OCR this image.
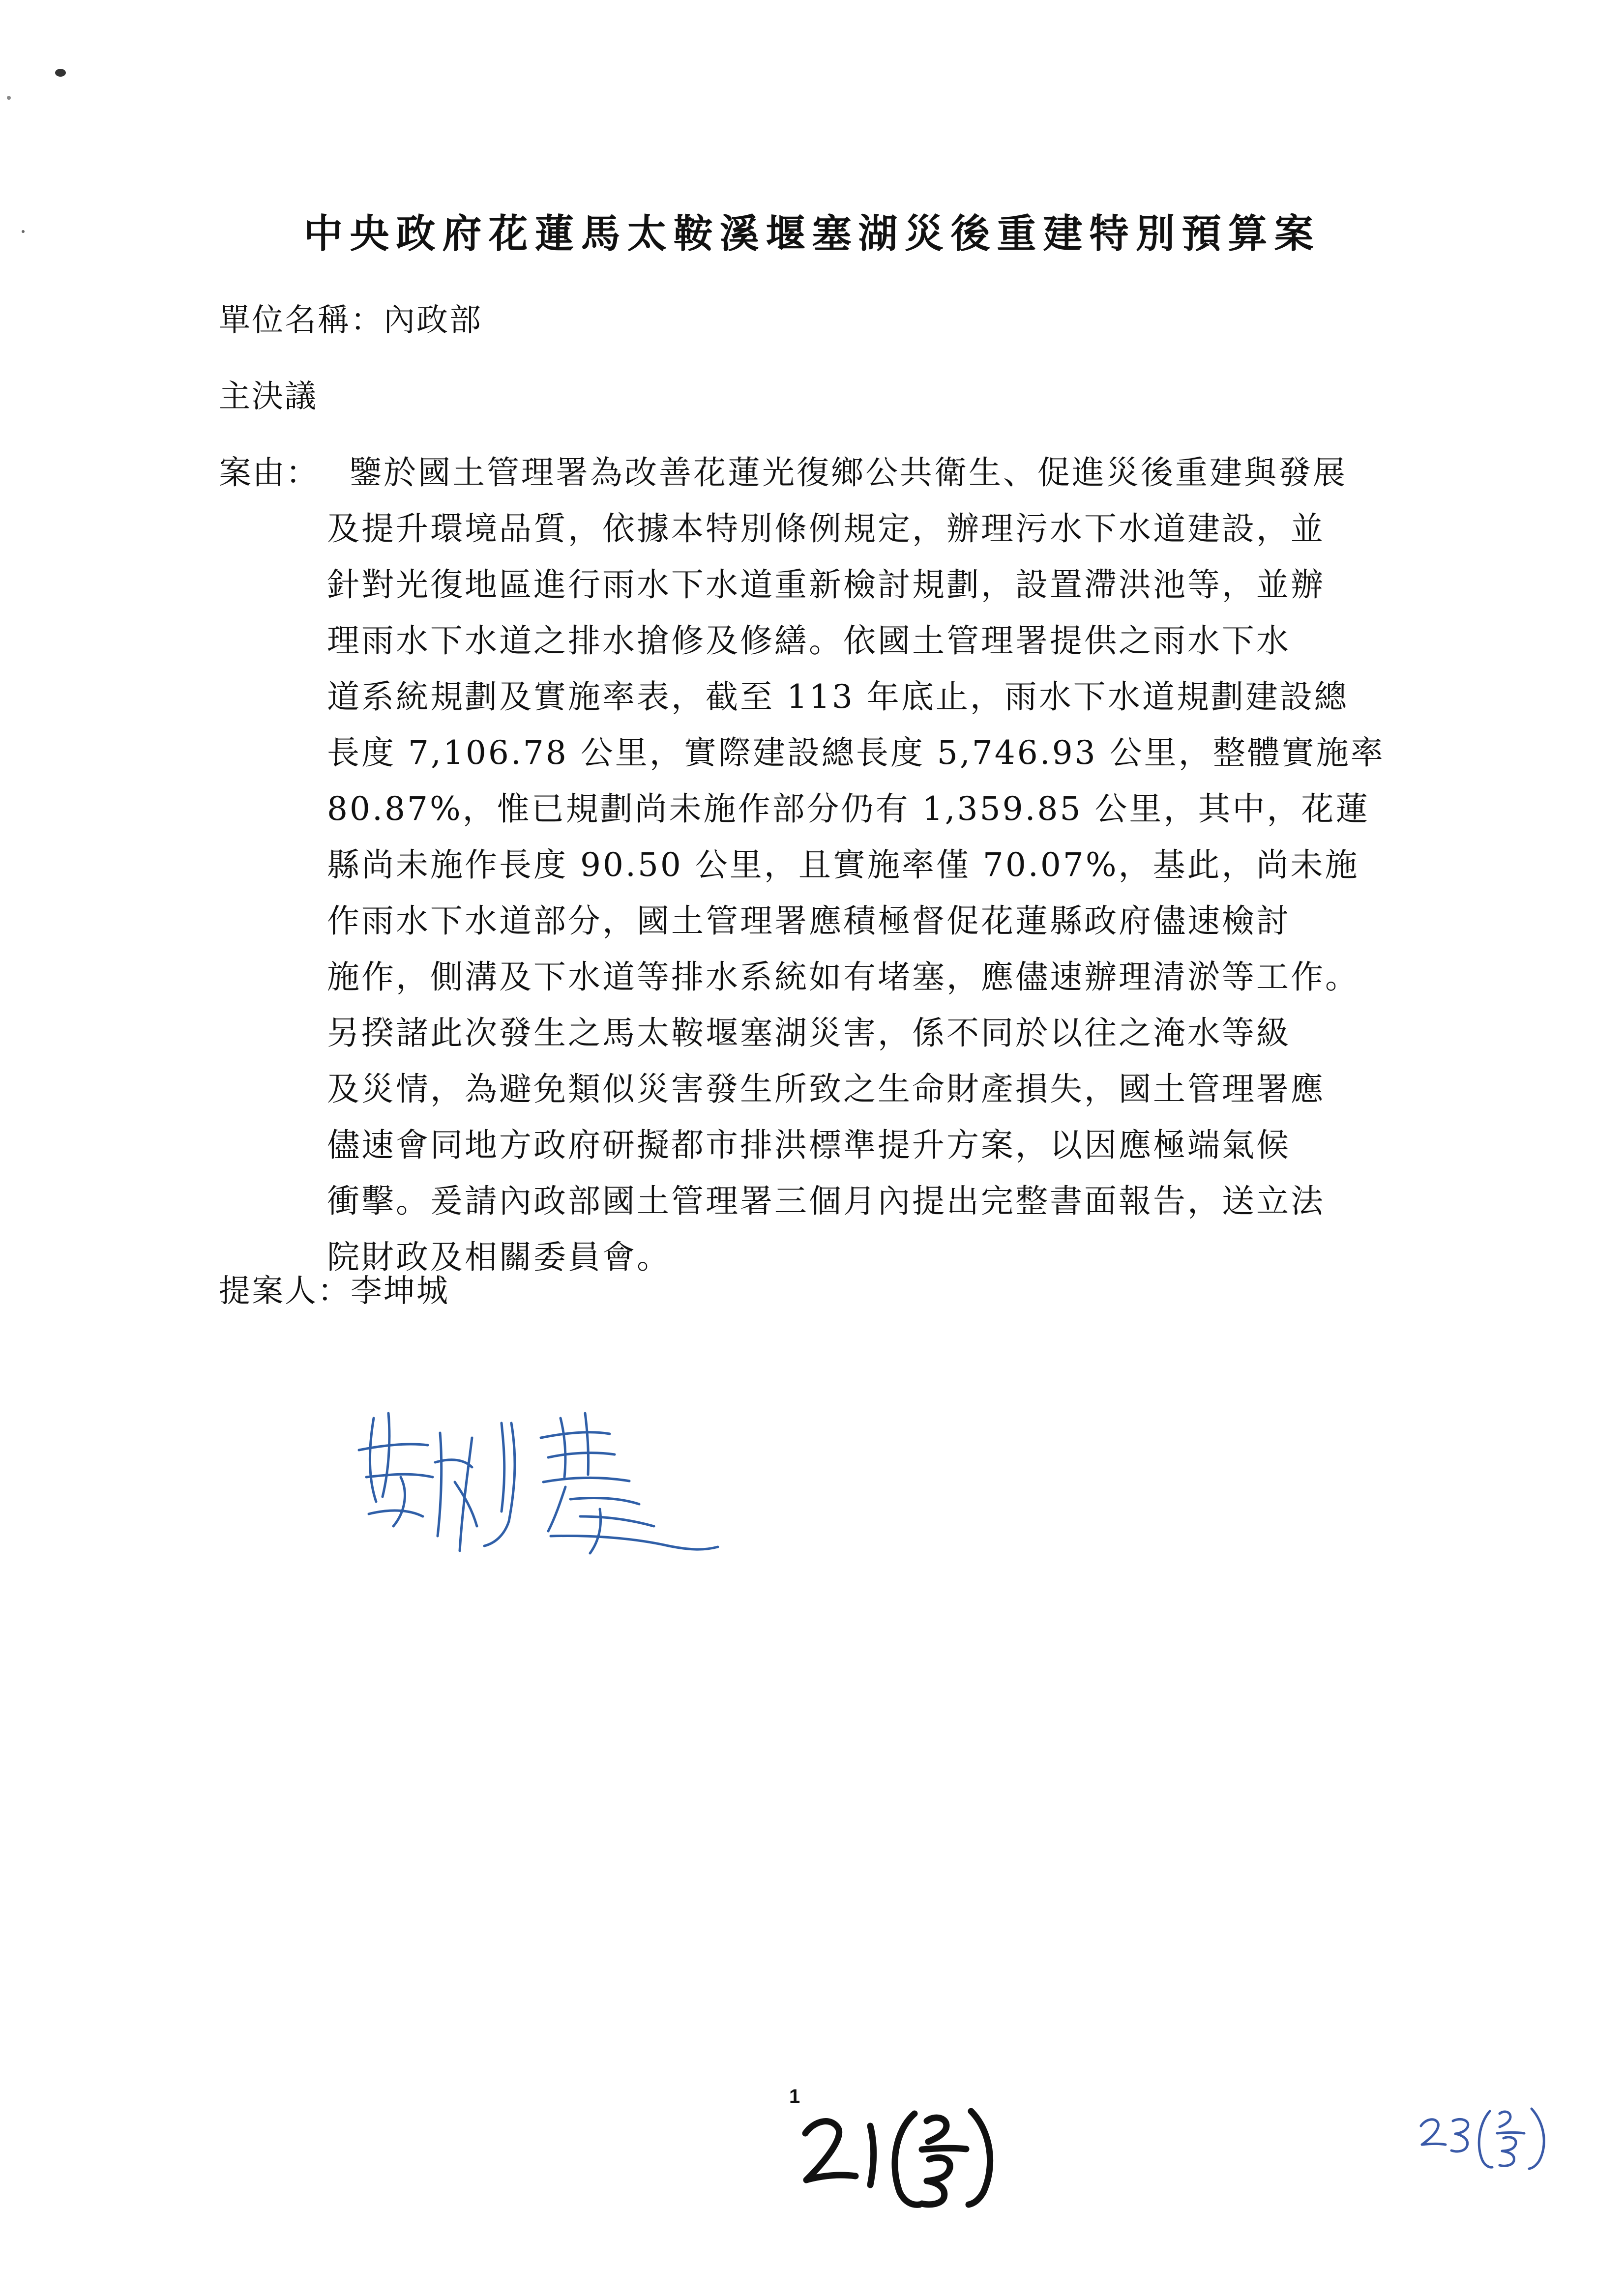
中央政府花蓮馬太鞍溪堰塞湖災後重建特別預算案
單位名稱：內政部
主決議
案由： 鑒於國土管理署為改善花蓮光復鄉公共衛生、促進災後重建與發展
及提升環境品質，依據本特別條例規定，辦理污水下水道建設，並
針對光復地區進行雨水下水道重新檢討規劃，設置滯洪池等，並辦
理雨水下水道之排水搶修及修繕。依國土管理署提供之雨水下水
道系統規劃及實施率表，截至 113 年底止，雨水下水道規劃建設總
長度 7,106.78 公里，實際建設總長度 5,746.93 公里，整體實施率
80.87%，惟已規劃尚未施作部分仍有 1,359.85 公里，其中，花蓮
縣尚未施作長度 90.50 公里，且實施率僅 70.07%，基此，尚未施
作雨水下水道部分，國土管理署應積極督促花蓮縣政府儘速檢討
施作，側溝及下水道等排水系統如有堵塞，應儘速辦理清淤等工作。
另揆諸此次發生之馬太鞍堰塞湖災害，係不同於以往之淹水等級
及災情，為避免類似災害發生所致之生命財產損失，國土管理署應
儘速會同地方政府研擬都市排洪標準提升方案，以因應極端氣候
衝擊。爰請內政部國土管理署三個月內提出完整書面報告，送立法
院財政及相關委員會。
提案人：李坤城
1
